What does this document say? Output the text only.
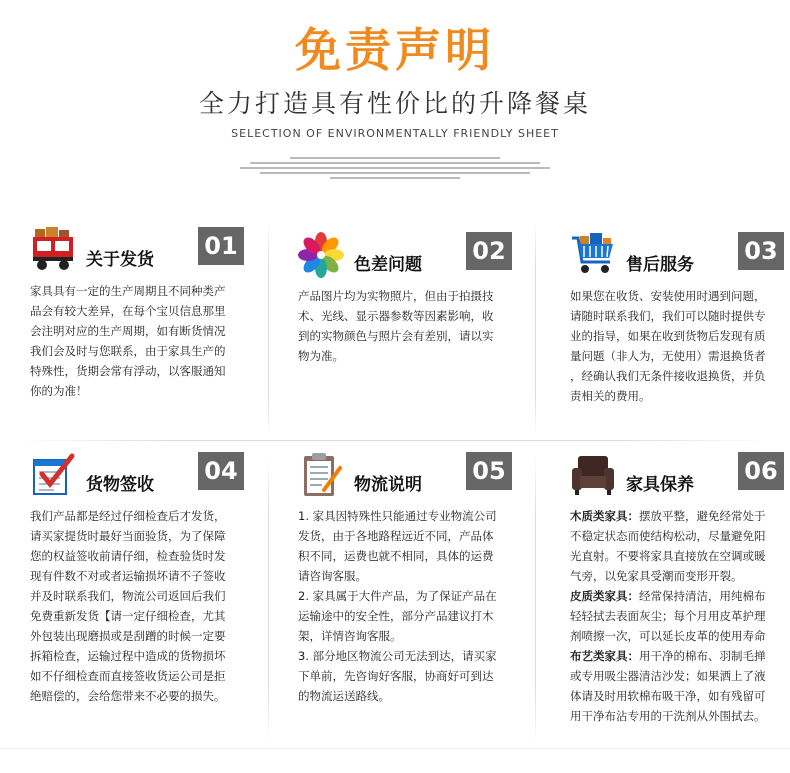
免责声明
全力打造具有性价比的升降餐桌
SELECTION OF ENVIRONMENTALLY FRIENDLY SHEET
关于发货 01

家具具有一定的生产周期且不同种类产

品会有较大差异，在每个宝贝信息那里

会注明对应的生产周期，如有断货情况

我们会及时与您联系，由于家具生产的

特殊性，货期会常有浮动，以客服通知

你的为准！

色差问题 02

产品图片均为实物照片，但由于拍摄技

术、光线、显示器参数等因素影响，收

到的实物颜色与照片会有差别，请以实

物为准。

售后服务 03

如果您在收货、安装使用时遇到问题，

请随时联系我们，我们可以随时提供专

业的指导，如果在收到货物后发现有质

量问题（非人为，无使用）需退换货者

，经确认我们无条件接收退换货，并负

责相关的费用。

货物签收 04

我们产品都是经过仔细检查后才发货，

请买家提货时最好当面验货，为了保障

您的权益签收前请仔细，检查验货时发

现有件数不对或者运输损坏请不子签收

并及时联系我们，物流公司返回后我们

免费重新发货【请一定仔细检查，尤其

外包装出现磨损或是刮蹭的时候一定要

拆箱检查，运输过程中造成的货物损坏

如不仔细检查而直接签收货运公司是拒

绝赔偿的，会给您带来不必要的损失。

物流说明 05

1. 家具因特殊性只能通过专业物流公司

发货，由于各地路程远近不同，产品体

积不同，运费也就不相同，具体的运费

请咨询客服。

2. 家具属于大件产品，为了保证产品在

运输途中的安全性，部分产品建议打木

架，详情咨询客服。

3. 部分地区物流公司无法到达，请买家

下单前，先咨询好客服，协商好可到达

的物流运送路线。

家具保养 06

木质类家具：摆放平整，避免经常处于

不稳定状态而使结构松动，尽量避免阳

光直射。不要将家具直接放在空调或暖

气旁，以免家具受潮而变形开裂。

皮质类家具：经常保持清洁，用纯棉布

轻轻拭去表面灰尘；每个月用皮革护理

剂喷擦一次，可以延长皮革的使用寿命

布艺类家具：用干净的棉布、羽制毛掸

或专用吸尘器清洁沙发；如果洒上了液

体请及时用软棉布吸干净，如有残留可

用干净布沾专用的干洗剂从外围拭去。
